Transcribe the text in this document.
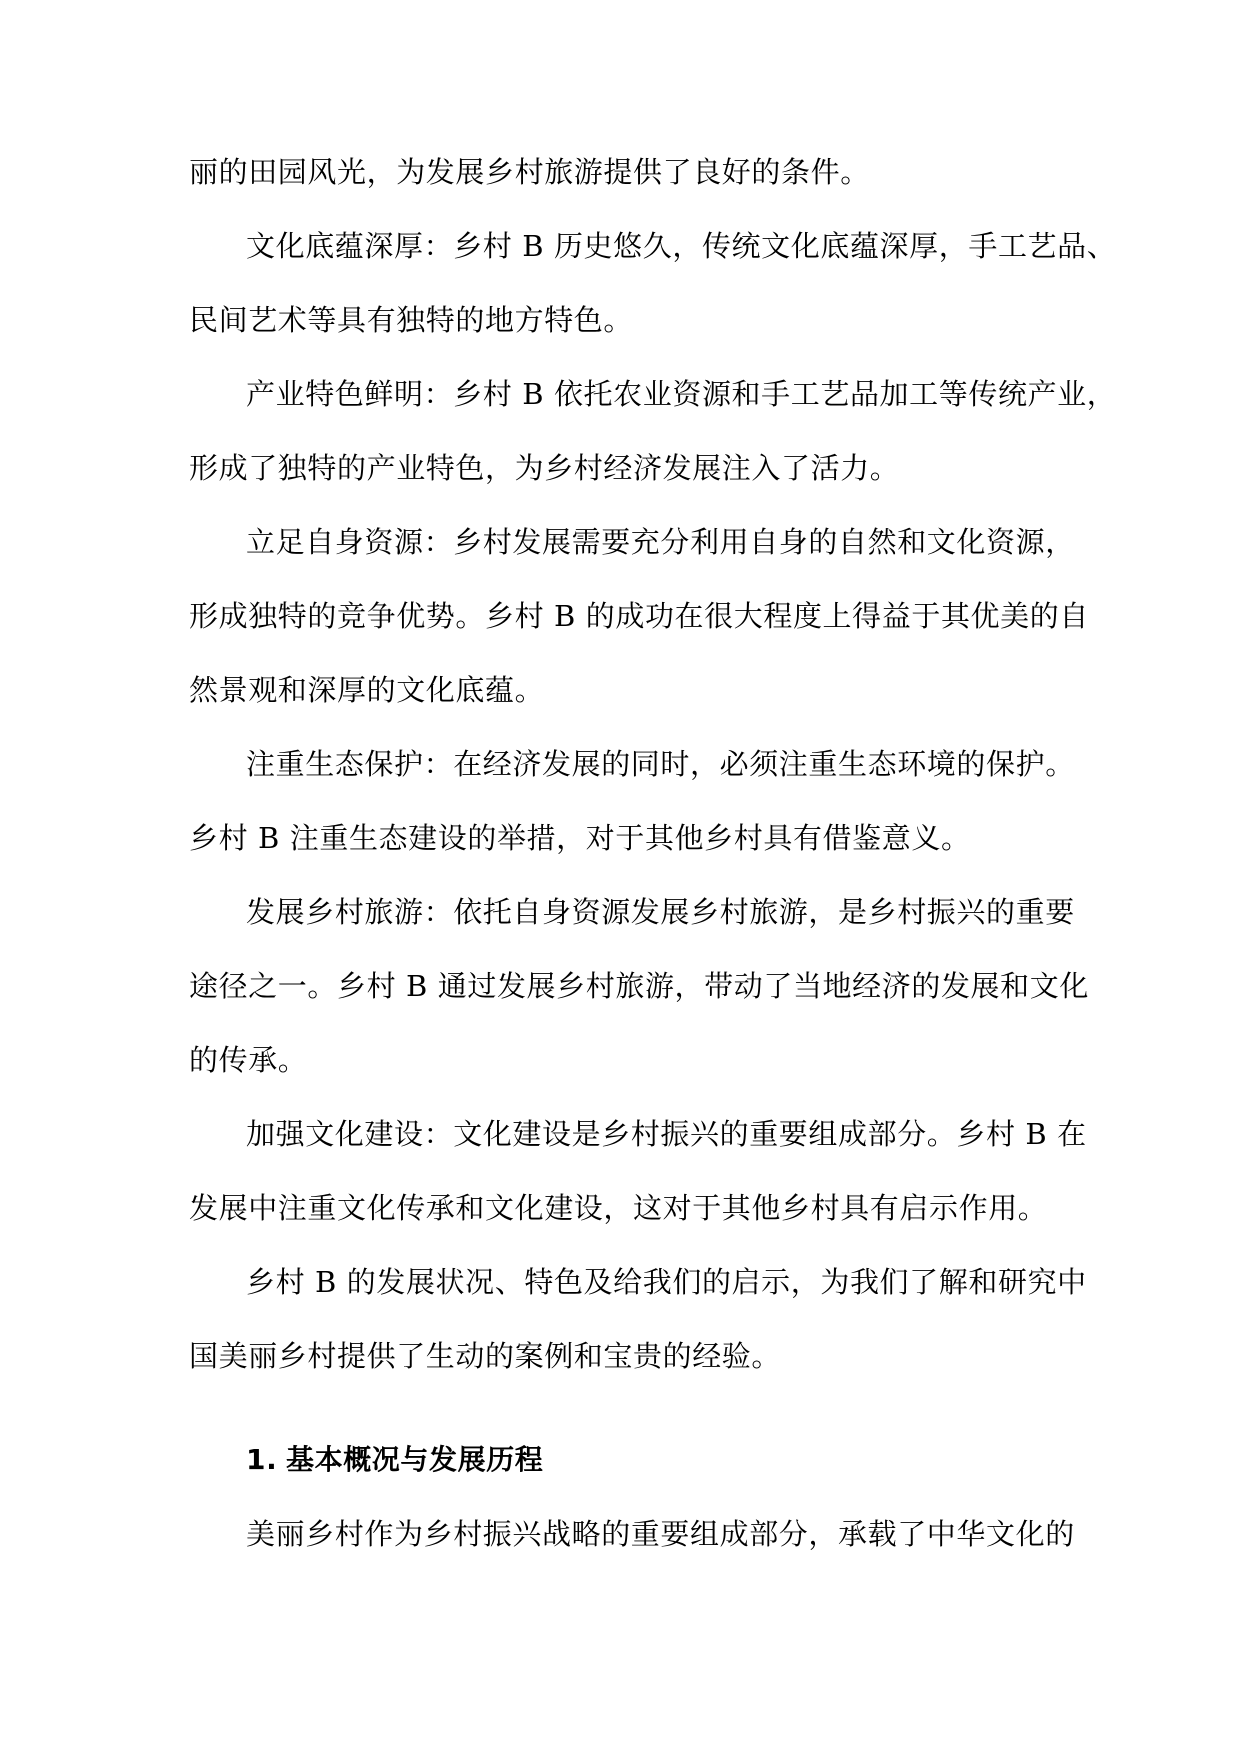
丽的田园风光，为发展乡村旅游提供了良好的条件。
文化底蕴深厚：乡村 B 历史悠久，传统文化底蕴深厚，手工艺品、
民间艺术等具有独特的地方特色。
产业特色鲜明：乡村 B 依托农业资源和手工艺品加工等传统产业，
形成了独特的产业特色，为乡村经济发展注入了活力。
立足自身资源：乡村发展需要充分利用自身的自然和文化资源，
形成独特的竞争优势。乡村 B 的成功在很大程度上得益于其优美的自
然景观和深厚的文化底蕴。
注重生态保护：在经济发展的同时，必须注重生态环境的保护。
乡村 B 注重生态建设的举措，对于其他乡村具有借鉴意义。
发展乡村旅游：依托自身资源发展乡村旅游，是乡村振兴的重要
途径之一。乡村 B 通过发展乡村旅游，带动了当地经济的发展和文化
的传承。
加强文化建设：文化建设是乡村振兴的重要组成部分。乡村 B 在
发展中注重文化传承和文化建设，这对于其他乡村具有启示作用。
乡村 B 的发展状况、特色及给我们的启示，为我们了解和研究中
国美丽乡村提供了生动的案例和宝贵的经验。
1. 基本概况与发展历程
美丽乡村作为乡村振兴战略的重要组成部分，承载了中华文化的
